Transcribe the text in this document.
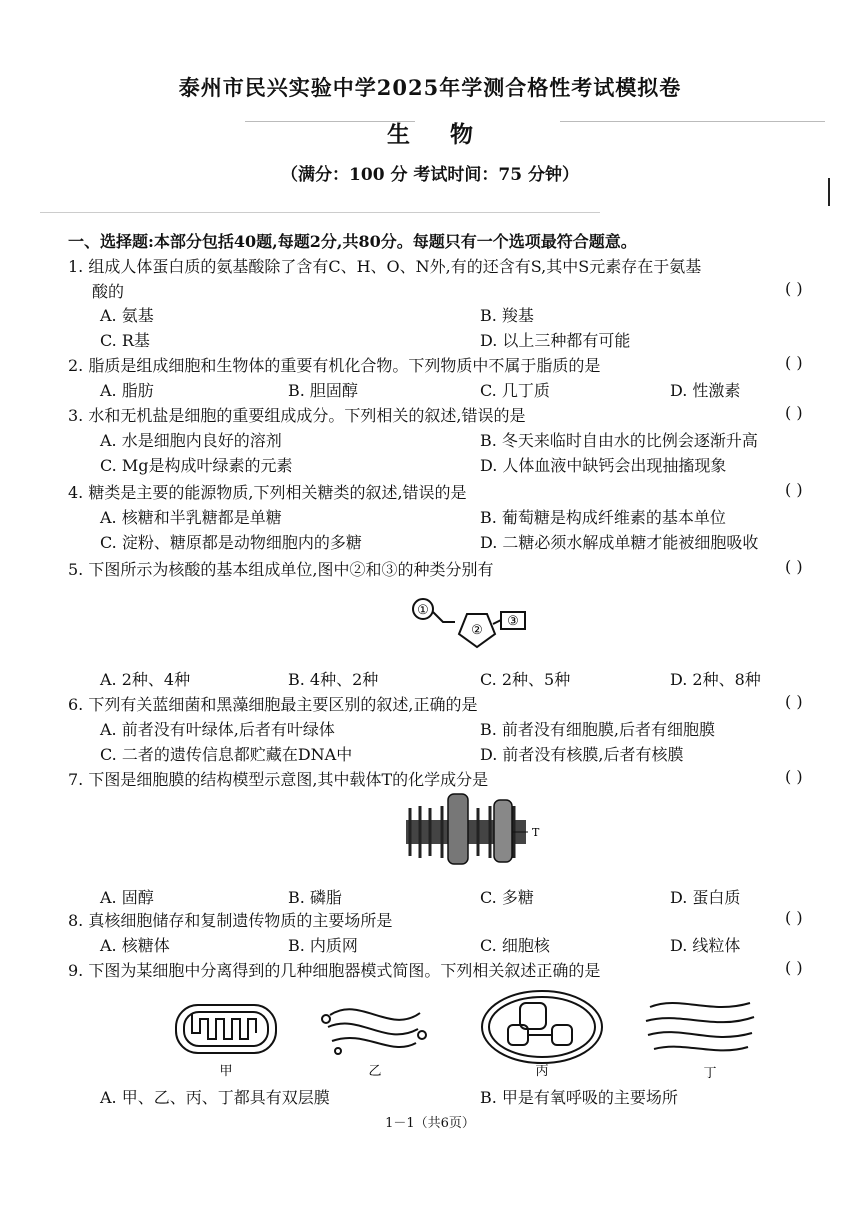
泰州市民兴实验中学2025年学测合格性考试模拟卷
生物
（满分：100 分 考试时间：75 分钟）
一、选择题:本部分包括40题,每题2分,共80分。每题只有一个选项最符合题意。
1. 组成人体蛋白质的氨基酸除了含有C、H、O、N外,有的还含有S,其中S元素存在于氨基
酸的	( )
A. 氨基	B. 羧基
C. R基	D. 以上三种都有可能
2. 脂质是组成细胞和生物体的重要有机化合物。下列物质中不属于脂质的是	( )
A. 脂肪	B. 胆固醇	C. 几丁质	D. 性激素
3. 水和无机盐是细胞的重要组成成分。下列相关的叙述,错误的是	( )
A. 水是细胞内良好的溶剂	B. 冬天来临时自由水的比例会逐渐升高
C. Mg是构成叶绿素的元素	D. 人体血液中缺钙会出现抽搐现象
4. 糖类是主要的能源物质,下列相关糖类的叙述,错误的是	( )
A. 核糖和半乳糖都是单糖	B. 葡萄糖是构成纤维素的基本单位
C. 淀粉、糖原都是动物细胞内的多糖	D. 二糖必须水解成单糖才能被细胞吸收
5. 下图所示为核酸的基本组成单位,图中②和③的种类分别有	( )
①
②
③
A. 2种、4种	B. 4种、2种	C. 2种、5种	D. 2种、8种
6. 下列有关蓝细菌和黑藻细胞最主要区别的叙述,正确的是	( )
A. 前者没有叶绿体,后者有叶绿体	B. 前者没有细胞膜,后者有细胞膜
C. 二者的遗传信息都贮藏在DNA中	D. 前者没有核膜,后者有核膜
7. 下图是细胞膜的结构模型示意图,其中载体T的化学成分是	( )
T
A. 固醇	B. 磷脂	C. 多糖	D. 蛋白质
8. 真核细胞储存和复制遗传物质的主要场所是	( )
A. 核糖体	B. 内质网	C. 细胞核	D. 线粒体
9. 下图为某细胞中分离得到的几种细胞器模式简图。下列相关叙述正确的是	( )
甲	乙	丙	丁
A. 甲、乙、丙、丁都具有双层膜	B. 甲是有氧呼吸的主要场所
1－1（共6页）
